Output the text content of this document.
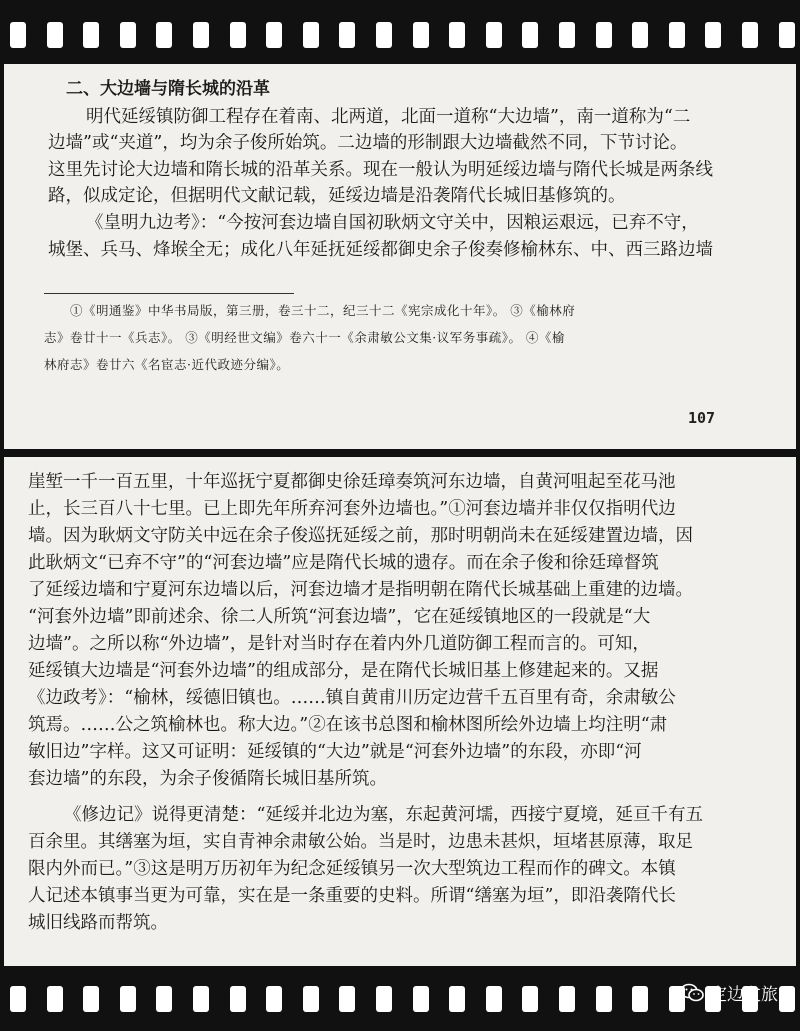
二、大边墙与隋长城的沿革
明代延绥镇防御工程存在着南、北两道，北面一道称“大边墙”，南一道称为“二
边墙”或“夹道”，均为余子俊所始筑。二边墙的形制跟大边墙截然不同，下节讨论。
这里先讨论大边墙和隋长城的沿革关系。现在一般认为明延绥边墙与隋代长城是两条线
路，似成定论，但据明代文献记载，延绥边墙是沿袭隋代长城旧基修筑的。
《皇明九边考》：“今按河套边墙自国初耿炳文守关中，因粮运艰远，已弃不守，
城堡、兵马、烽堠全无；成化八年延抚延绥都御史余子俊奏修榆林东、中、西三路边墙
①《明通鉴》中华书局版，第三册，卷三十二，纪三十二《宪宗成化十年》。 ③《榆林府
志》卷廿十一《兵志》。 ③《明经世文编》卷六十一《余肃敏公文集·议军务事疏》。 ④《榆
林府志》卷廿六《名宦志·近代政迹分编》。
107
崖堑一千一百五里，十年巡抚宁夏都御史徐廷璋奏筑河东边墙，自黄河咀起至花马池
止，长三百八十七里。已上即先年所弃河套外边墙也。”①河套边墙并非仅仅指明代边
墙。因为耿炳文守防关中远在余子俊巡抚延绥之前，那时明朝尚未在延绥建置边墙，因
此耿炳文“已弃不守”的“河套边墙”应是隋代长城的遗存。而在余子俊和徐廷璋督筑
了延绥边墙和宁夏河东边墙以后，河套边墙才是指明朝在隋代长城基础上重建的边墙。
“河套外边墙”即前述余、徐二人所筑“河套边墙”，它在延绥镇地区的一段就是“大
边墙”。之所以称“外边墙”，是针对当时存在着内外几道防御工程而言的。可知，
延绥镇大边墙是“河套外边墙”的组成部分，是在隋代长城旧基上修建起来的。又据
《边政考》：“榆林，绥德旧镇也。……镇自黄甫川历定边营千五百里有奇，余肃敏公
筑焉。……公之筑榆林也。称大边。”②在该书总图和榆林图所绘外边墙上均注明“肃
敏旧边”字样。这又可证明：延绥镇的“大边”就是“河套外边墙”的东段，亦即“河
套边墙”的东段，为余子俊循隋长城旧基所筑。
《修边记》说得更清楚：“延绥并北边为塞，东起黄河壖，西接宁夏境，延亘千有五
百余里。其缮塞为垣，实自青神余肃敏公始。当是时，边患未甚炽，垣堵甚原薄，取足
限内外而已。”③这是明万历初年为纪念延绥镇另一次大型筑边工程而作的碑文。本镇
人记述本镇事当更为可靠，实在是一条重要的史料。所谓“缮塞为垣”，即沿袭隋代长
城旧线路而帮筑。
定边文旅
